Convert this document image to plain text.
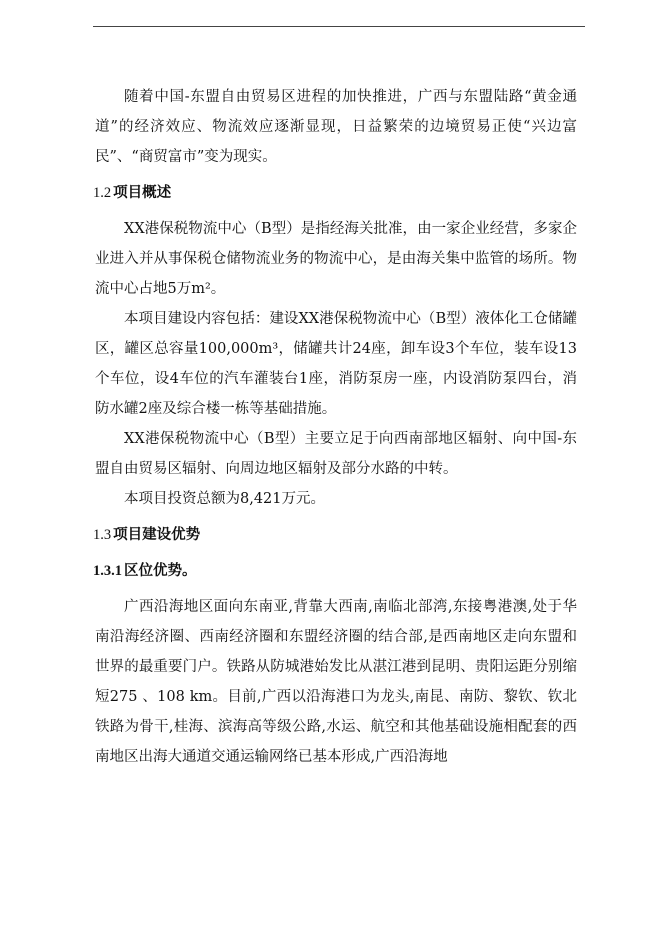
随着中国-东盟自由贸易区进程的加快推进，广西与东盟陆路“黄金通道”的经济效应、物流效应逐渐显现，日益繁荣的边境贸易正使“兴边富民”、“商贸富市”变为现实。

1.2 项目概述

XX港保税物流中心（B型）是指经海关批准，由一家企业经营，多家企业进入并从事保税仓储物流业务的物流中心，是由海关集中监管的场所。物流中心占地5万m²。

本项目建设内容包括：建设XX港保税物流中心（B型）液体化工仓储罐区，罐区总容量100,000m³，储罐共计24座，卸车设3个车位，装车设13个车位，设4车位的汽车灌装台1座，消防泵房一座，内设消防泵四台，消防水罐2座及综合楼一栋等基础措施。

XX港保税物流中心（B型）主要立足于向西南部地区辐射、向中国-东盟自由贸易区辐射、向周边地区辐射及部分水路的中转。

本项目投资总额为8,421万元。

1.3 项目建设优势
1.3.1 区位优势。

广西沿海地区面向东南亚,背靠大西南,南临北部湾,东接粤港澳,处于华南沿海经济圈、西南经济圈和东盟经济圈的结合部,是西南地区走向东盟和世界的最重要门户。铁路从防城港始发比从湛江港到昆明、贵阳运距分别缩短275 、108 km。目前,广西以沿海港口为龙头,南昆、南防、黎钦、钦北铁路为骨干,桂海、滨海高等级公路,水运、航空和其他基础设施相配套的西南地区出海大通道交通运输网络已基本形成,广西沿海地
